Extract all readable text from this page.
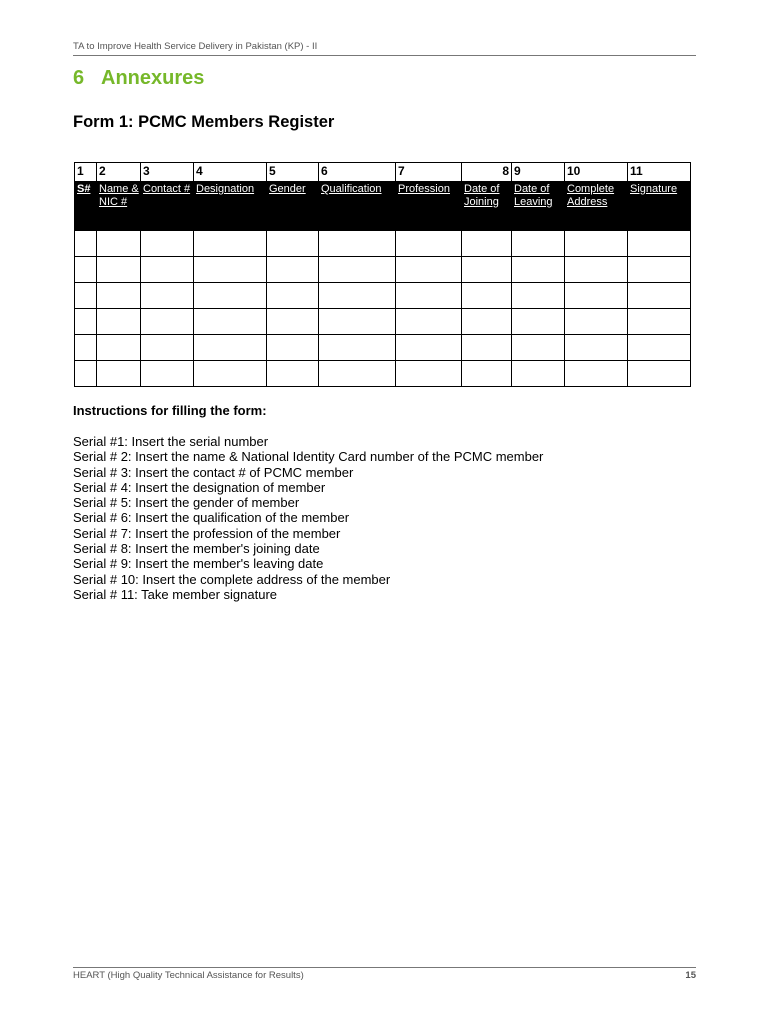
TA to Improve Health Service Delivery in Pakistan (KP) - II
6 Annexures
Form 1: PCMC Members Register
1	2	3	4	5	6	7	8	9	10	11
S#	Name & NIC #	Contact #	Designation	Gender	Qualification	Profession	Date of Joining	Date of Leaving	Complete Address	Signature

Instructions for filling the form:
Serial #1: Insert the serial number
Serial # 2: Insert the name & National Identity Card number of the PCMC member
Serial # 3: Insert the contact # of PCMC member
Serial # 4: Insert the designation of member
Serial # 5: Insert the gender of member
Serial # 6: Insert the qualification of the member
Serial # 7: Insert the profession of the member
Serial # 8: Insert the member's joining date
Serial # 9: Insert the member's leaving date
Serial # 10: Insert the complete address of the member
Serial # 11: Take member signature
HEART (High Quality Technical Assistance for Results)	15
